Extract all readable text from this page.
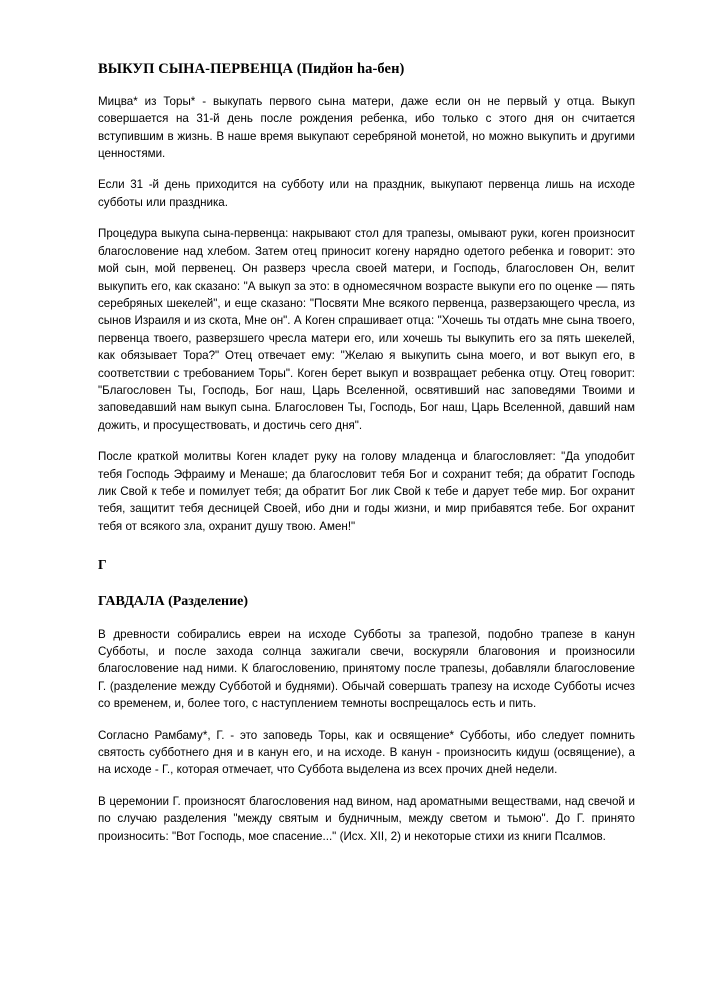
ВЫКУП СЫНА-ПЕРВЕНЦА (Пидйон hа-бен)

Мицва* из Торы* - выкупать первого сына матери, даже если он не первый у отца. Выкуп совершается на 31-й день после рождения ребенка, ибо только с этого дня он считается вступившим в жизнь. В наше время выкупают серебряной монетой, но можно выкупить и другими ценностями.

Если 31 -й день приходится на субботу или на праздник, выкупают первенца лишь на исходе субботы или праздника.

Процедура выкупа сына-первенца: накрывают стол для трапезы, омывают руки, коген произносит благословение над хлебом. Затем отец приносит когену нарядно одетого ребенка и говорит: это мой сын, мой первенец. Он разверз чресла своей матери, и Господь, благословен Он, велит выкупить его, как сказано: "А выкуп за это: в одномесячном возрасте выкупи его по оценке — пять серебряных шекелей", и еще сказано: "Посвяти Мне всякого первенца, разверзающего чресла, из сынов Израиля и из скота, Мне он". А Коген спрашивает отца: "Хочешь ты отдать мне сына твоего, первенца твоего, разверзшего чресла матери его, или хочешь ты выкупить его за пять шекелей, как обязывает Тора?" Отец отвечает ему: "Желаю я выкупить сына моего, и вот выкуп его, в соответствии с требованием Торы". Коген берет выкуп и возвращает ребенка отцу. Отец говорит: "Благословен Ты, Господь, Бог наш, Царь Вселенной, освятивший нас заповедями Твоими и заповедавший нам выкуп сына. Благословен Ты, Господь, Бог наш, Царь Вселенной, давший нам дожить, и просуществовать, и достичь сего дня".

После краткой молитвы Коген кладет руку на голову младенца и благословляет: "Да уподобит тебя Господь Эфраиму и Менаше; да благословит тебя Бог и сохранит тебя; да обратит Господь лик Свой к тебе и помилует тебя; да обратит Бог лик Свой к тебе и дарует тебе мир. Бог охранит тебя, защитит тебя десницей Своей, ибо дни и годы жизни, и мир прибавятся тебе. Бог охранит тебя от всякого зла, охранит душу твою. Амен!"

Г
ГАВДАЛА (Разделение)

В древности собирались евреи на исходе Субботы за трапезой, подобно трапезе в канун Субботы, и после захода солнца зажигали свечи, воскуряли благовония и произносили благословение над ними. К благословению, принятому после трапезы, добавляли благословение Г. (разделение между Субботой и буднями). Обычай совершать трапезу на исходе Субботы исчез со временем, и, более того, с наступлением темноты воспрещалось есть и пить.

Согласно Рамбаму*, Г. - это заповедь Торы, как и освящение* Субботы, ибо следует помнить святость субботнего дня и в канун его, и на исходе. В канун - произносить кидуш (освящение), а на исходе - Г., которая отмечает, что Суббота выделена из всех прочих дней недели.

В церемонии Г. произносят благословения над вином, над ароматными веществами, над свечой и по случаю разделения "между святым и будничным, между светом и тьмою". До Г. принято произносить: "Вот Господь, мое спасение..." (Исх. XII, 2) и некоторые стихи из книги Псалмов.
